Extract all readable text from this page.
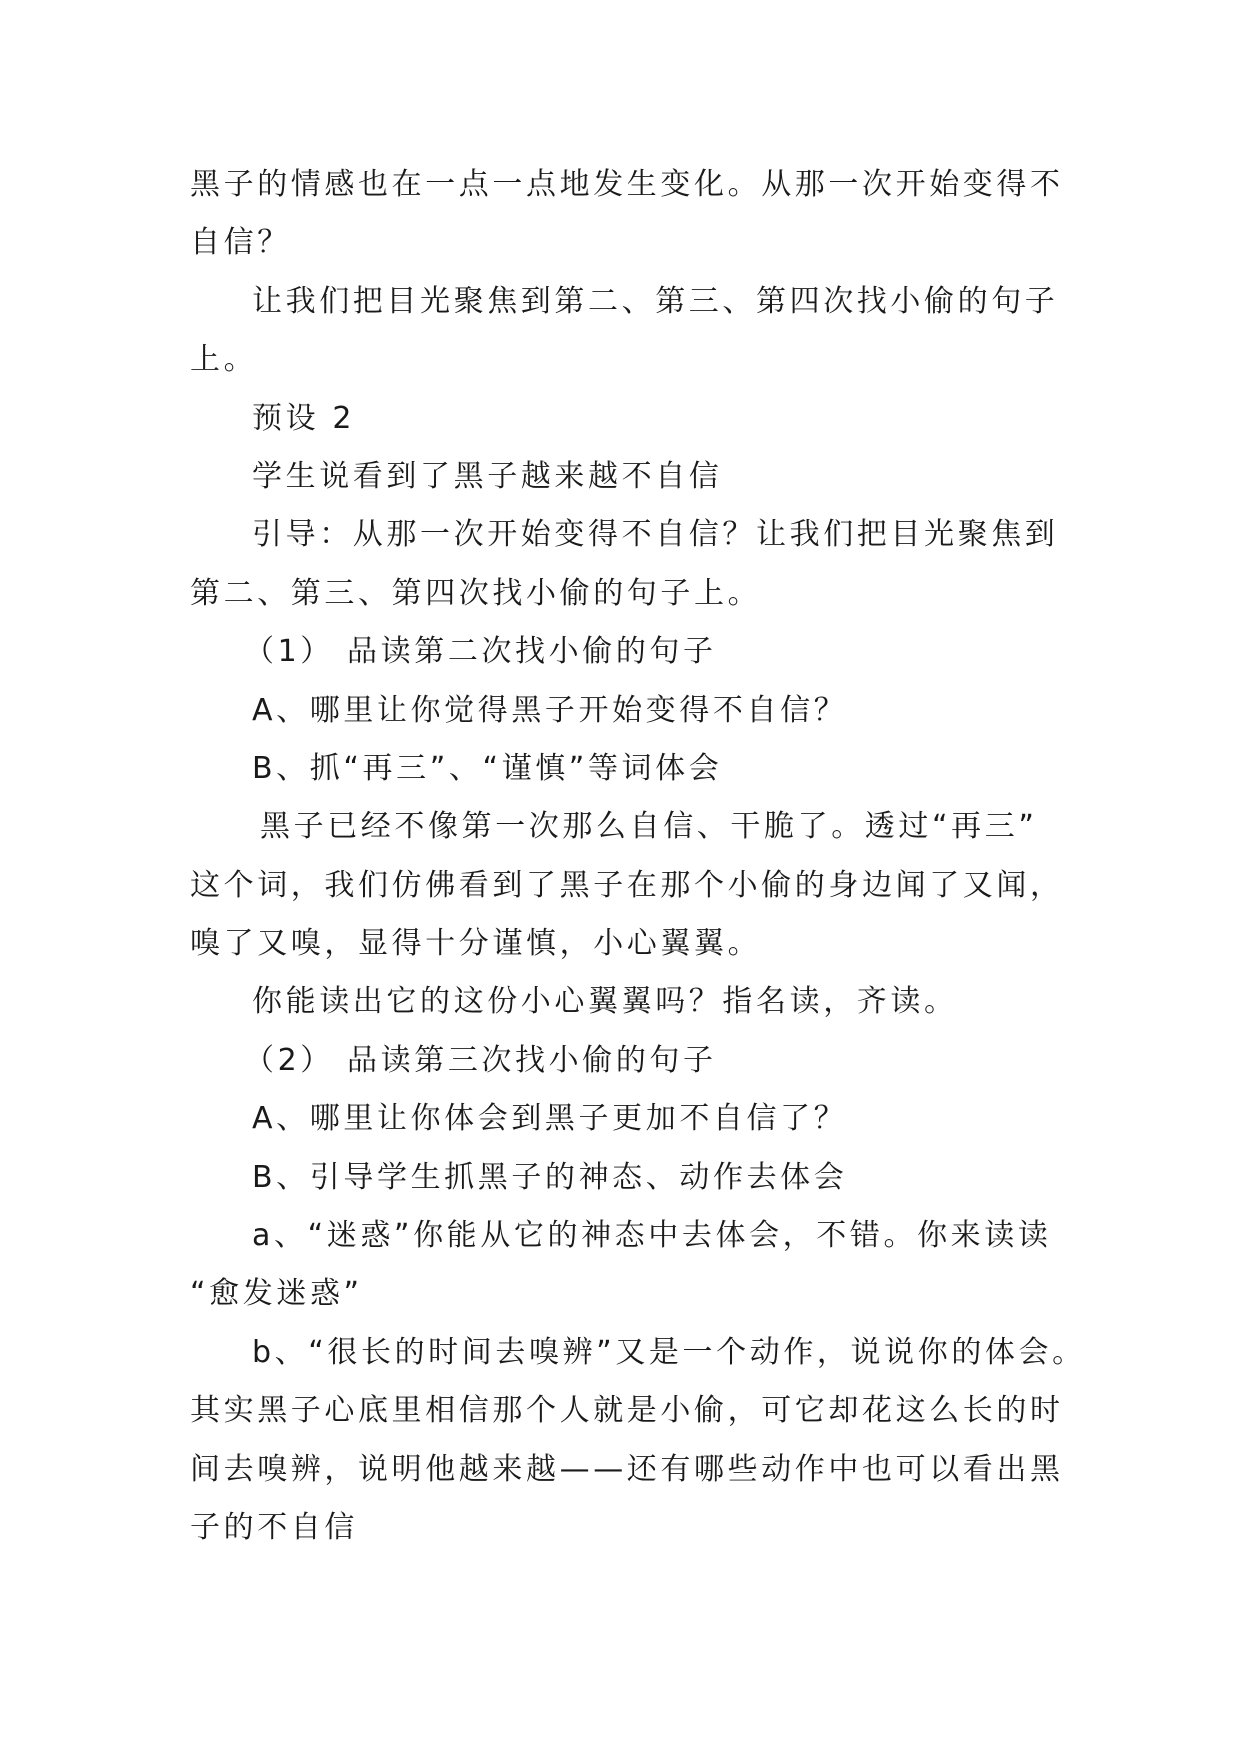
黑子的情感也在一点一点地发生变化。从那一次开始变得不
自信？
让我们把目光聚焦到第二、第三、第四次找小偷的句子
上。
预设 2
学生说看到了黑子越来越不自信
引导：从那一次开始变得不自信？让我们把目光聚焦到
第二、第三、第四次找小偷的句子上。
（1） 品读第二次找小偷的句子
A、哪里让你觉得黑子开始变得不自信？
B、抓“再三”、“谨慎”等词体会
黑子已经不像第一次那么自信、干脆了。透过“再三”
这个词，我们仿佛看到了黑子在那个小偷的身边闻了又闻，
嗅了又嗅，显得十分谨慎，小心翼翼。
你能读出它的这份小心翼翼吗？指名读，齐读。
（2） 品读第三次找小偷的句子
A、哪里让你体会到黑子更加不自信了？
B、引导学生抓黑子的神态、动作去体会
a、“迷惑”你能从它的神态中去体会，不错。你来读读
“愈发迷惑”
b、“很长的时间去嗅辨”又是一个动作，说说你的体会。
其实黑子心底里相信那个人就是小偷，可它却花这么长的时
间去嗅辨，说明他越来越——还有哪些动作中也可以看出黑
子的不自信
